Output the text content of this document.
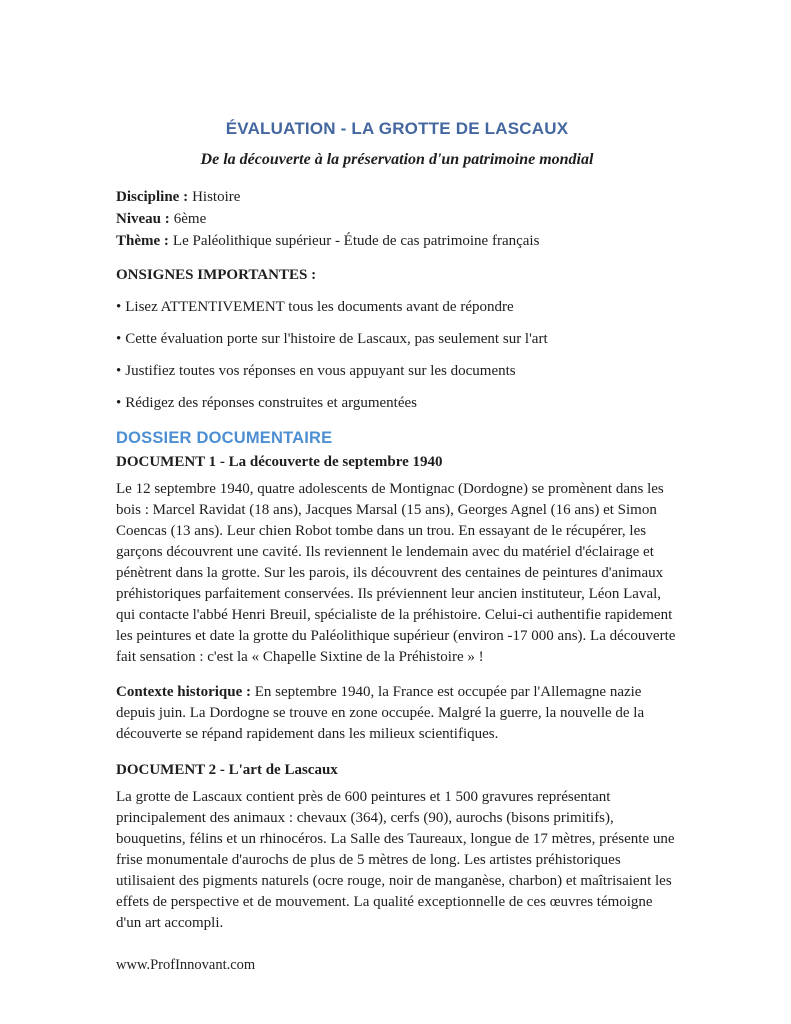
ÉVALUATION - LA GROTTE DE LASCAUX

De la découverte à la préservation d'un patrimoine mondial

Discipline : Histoire

Niveau : 6ème

Thème : Le Paléolithique supérieur - Étude de cas patrimoine français

ONSIGNES IMPORTANTES :

• Lisez ATTENTIVEMENT tous les documents avant de répondre

• Cette évaluation porte sur l'histoire de Lascaux, pas seulement sur l'art

• Justifiez toutes vos réponses en vous appuyant sur les documents

• Rédigez des réponses construites et argumentées

DOSSIER DOCUMENTAIRE

DOCUMENT 1 - La découverte de septembre 1940

Le 12 septembre 1940, quatre adolescents de Montignac (Dordogne) se promènent dans les bois : Marcel Ravidat (18 ans), Jacques Marsal (15 ans), Georges Agnel (16 ans) et Simon Coencas (13 ans). Leur chien Robot tombe dans un trou. En essayant de le récupérer, les garçons découvrent une cavité. Ils reviennent le lendemain avec du matériel d'éclairage et pénètrent dans la grotte. Sur les parois, ils découvrent des centaines de peintures d'animaux préhistoriques parfaitement conservées. Ils préviennent leur ancien instituteur, Léon Laval, qui contacte l'abbé Henri Breuil, spécialiste de la préhistoire. Celui-ci authentifie rapidement les peintures et date la grotte du Paléolithique supérieur (environ -17 000 ans). La découverte fait sensation : c'est la « Chapelle Sixtine de la Préhistoire » !

Contexte historique : En septembre 1940, la France est occupée par l'Allemagne nazie depuis juin. La Dordogne se trouve en zone occupée. Malgré la guerre, la nouvelle de la découverte se répand rapidement dans les milieux scientifiques.

DOCUMENT 2 - L'art de Lascaux

La grotte de Lascaux contient près de 600 peintures et 1 500 gravures représentant principalement des animaux : chevaux (364), cerfs (90), aurochs (bisons primitifs), bouquetins, félins et un rhinocéros. La Salle des Taureaux, longue de 17 mètres, présente une frise monumentale d'aurochs de plus de 5 mètres de long. Les artistes préhistoriques utilisaient des pigments naturels (ocre rouge, noir de manganèse, charbon) et maîtrisaient les effets de perspective et de mouvement. La qualité exceptionnelle de ces œuvres témoigne d'un art accompli.

www.ProfInnovant.com
